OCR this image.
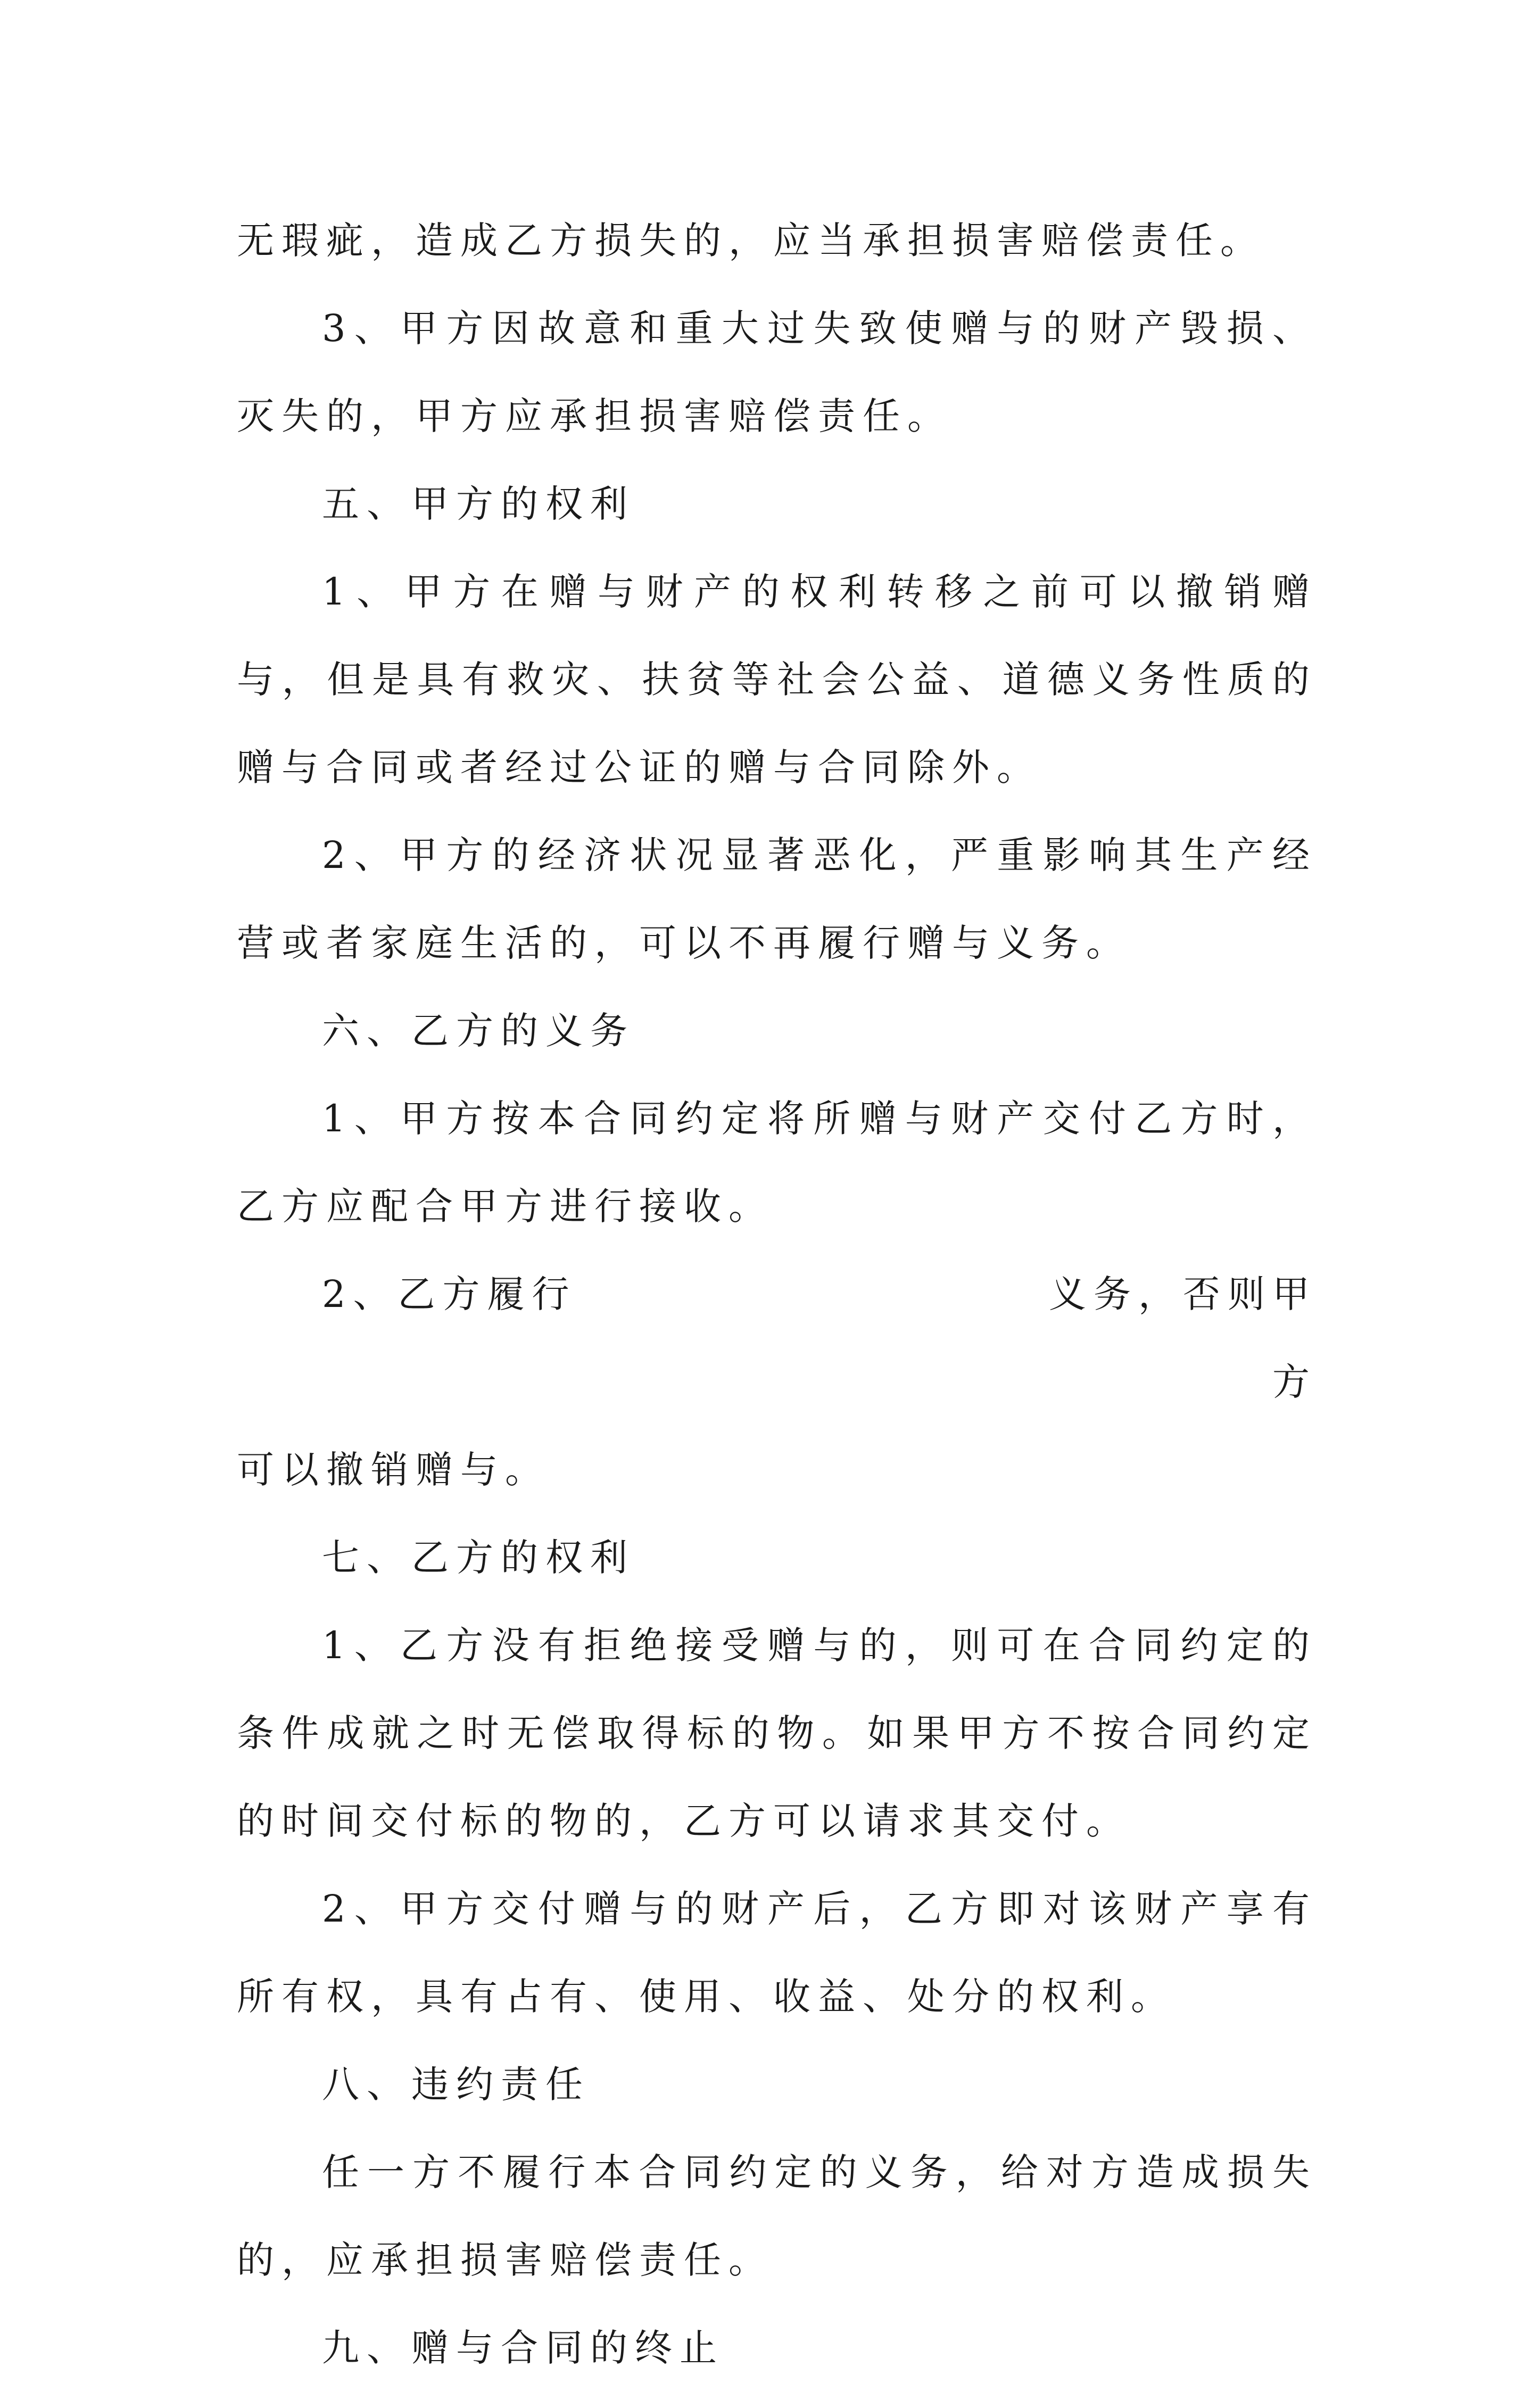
无瑕疵，造成乙方损失的，应当承担损害赔偿责任。

3、甲方因故意和重大过失致使赠与的财产毁损、灭失的，甲方应承担损害赔偿责任。

五、甲方的权利

1、甲方在赠与财产的权利转移之前可以撤销赠与，但是具有救灾、扶贫等社会公益、道德义务性质的赠与合同或者经过公证的赠与合同除外。

2、甲方的经济状况显著恶化，严重影响其生产经营或者家庭生活的，可以不再履行赠与义务。

六、乙方的义务

1、甲方按本合同约定将所赠与财产交付乙方时，乙方应配合甲方进行接收。

2、乙方履行	义务，否则甲方

可以撤销赠与。

七、乙方的权利

1、乙方没有拒绝接受赠与的，则可在合同约定的条件成就之时无偿取得标的物。如果甲方不按合同约定的时间交付标的物的，乙方可以请求其交付。

2、甲方交付赠与的财产后，乙方即对该财产享有所有权，具有占有、使用、收益、处分的权利。

八、违约责任

任一方不履行本合同约定的义务，给对方造成损失的，应承担损害赔偿责任。

九、赠与合同的终止
